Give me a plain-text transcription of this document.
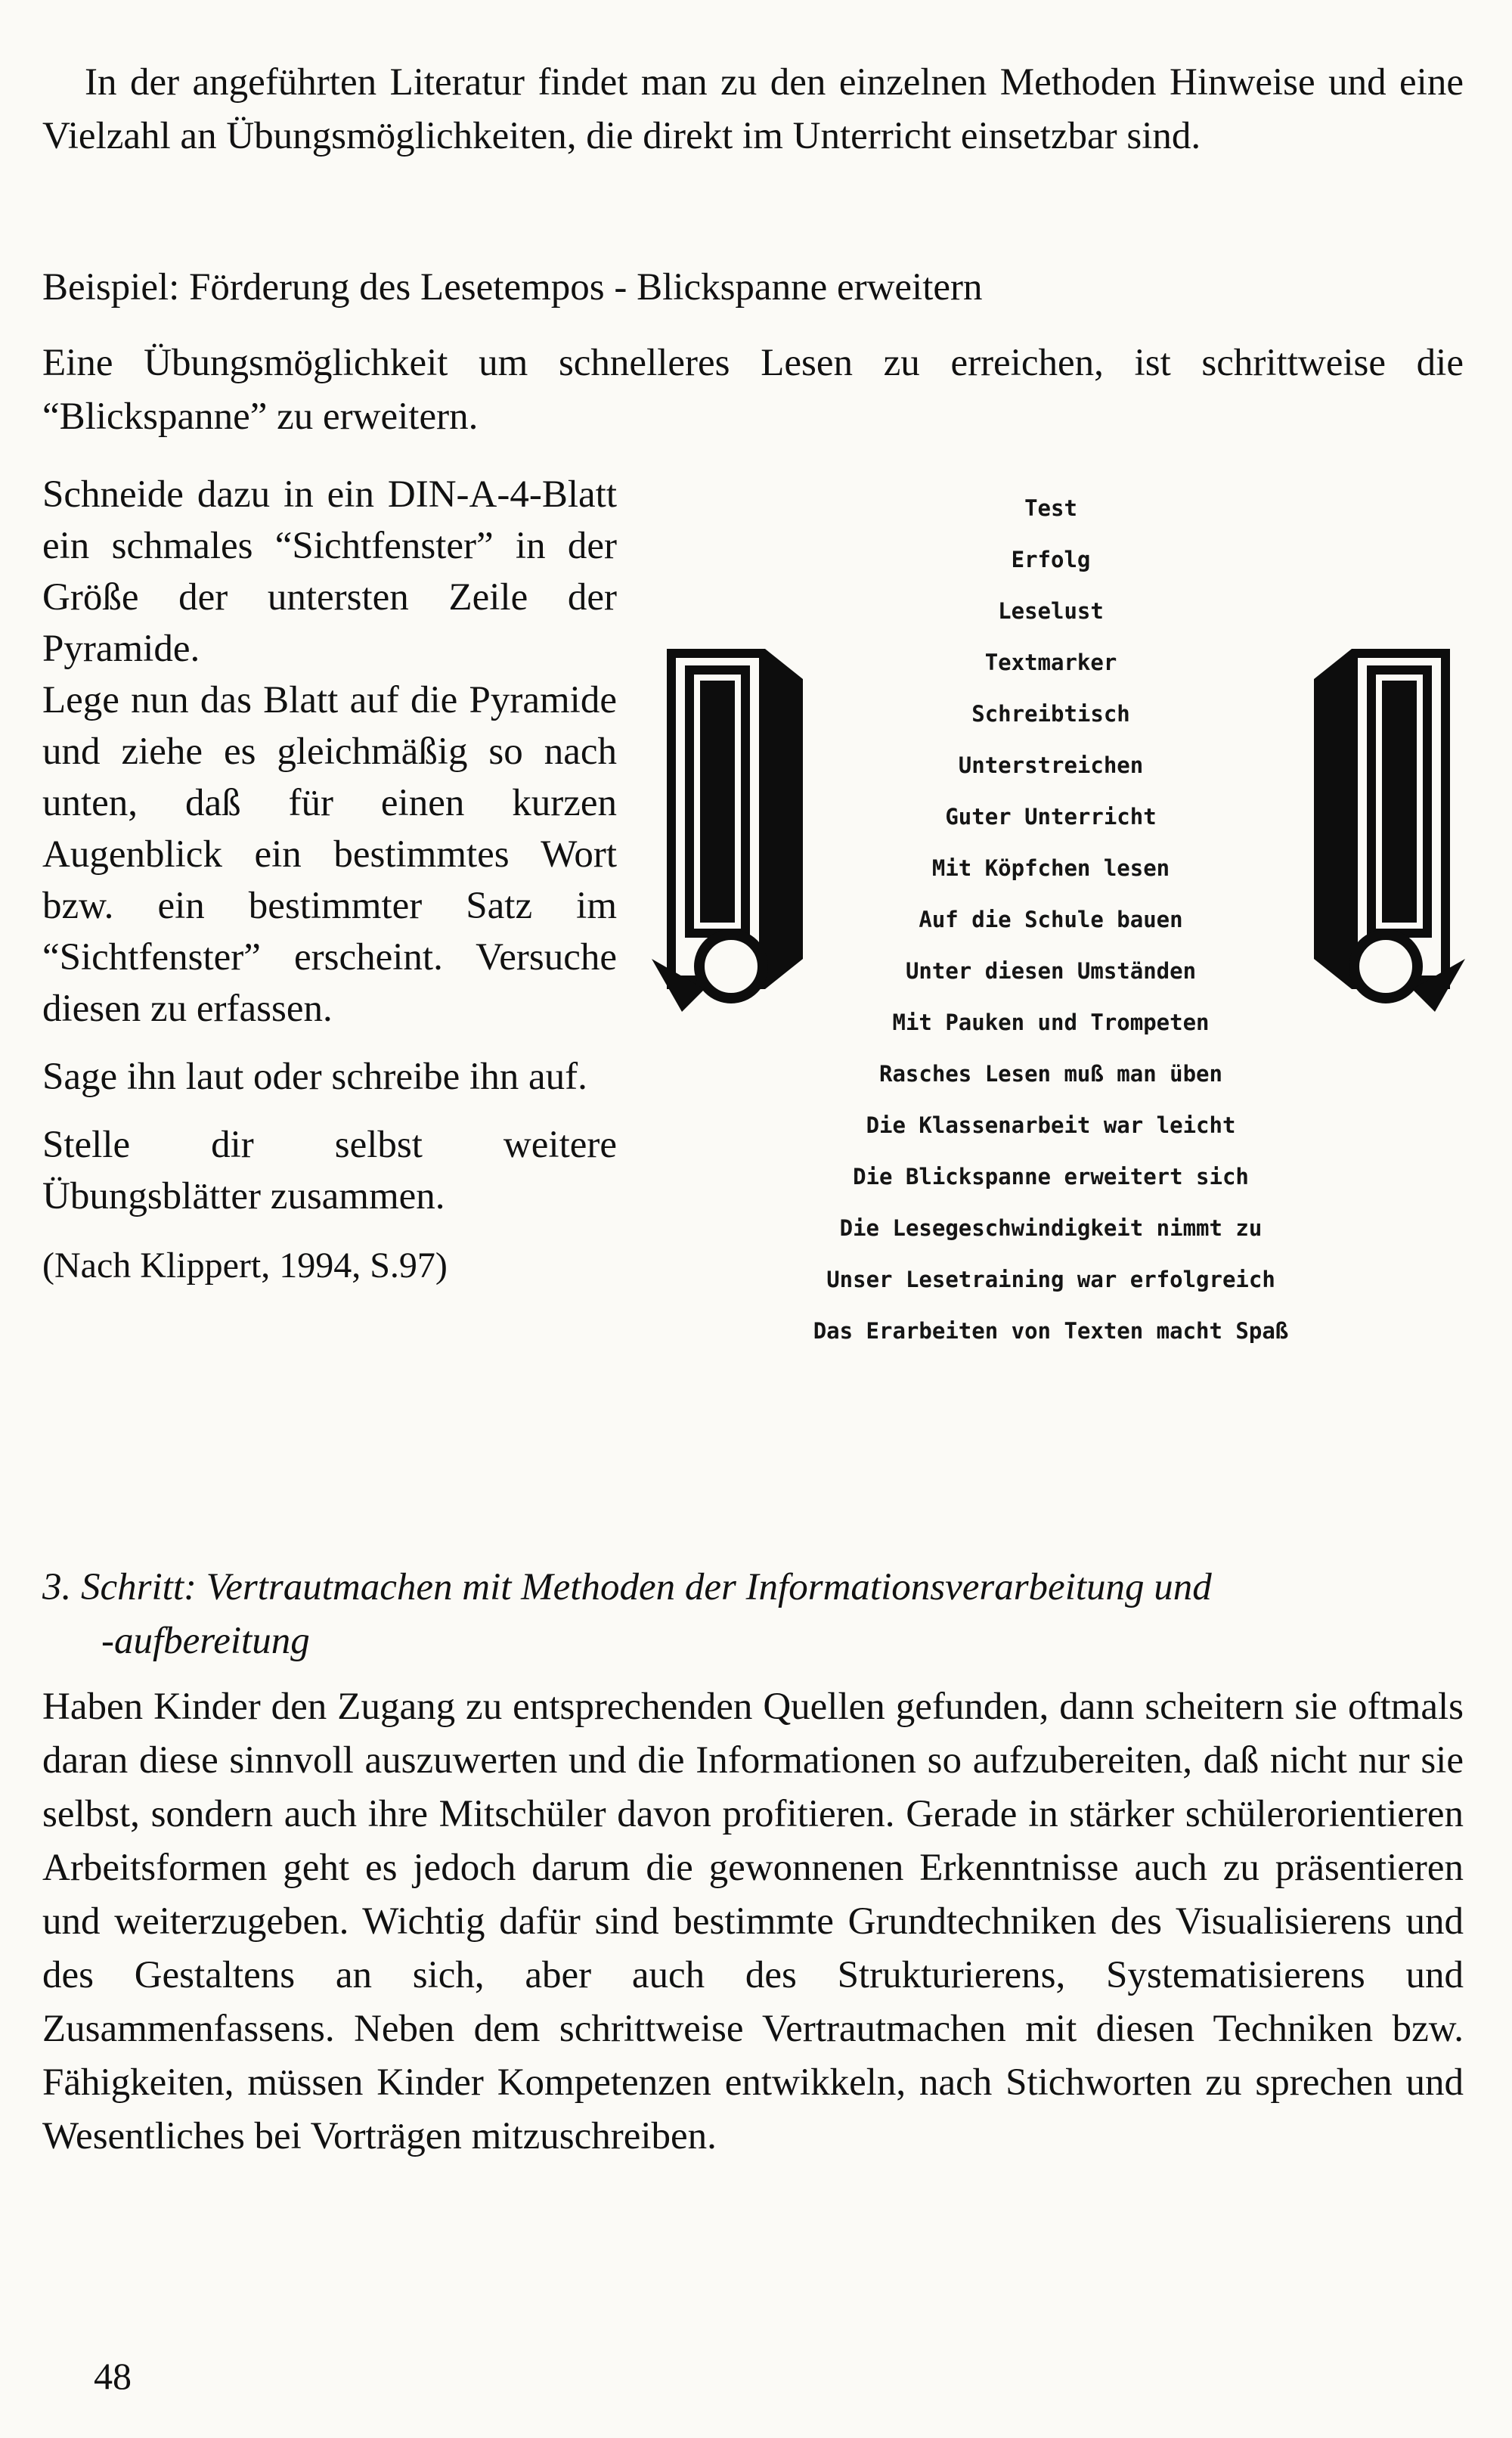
In der angeführten Literatur findet man zu den einzelnen Methoden Hinweise und eine Vielzahl an Übungsmöglichkeiten, die direkt im Unterricht einsetzbar sind.

Beispiel: Förderung des Lesetempos - Blickspanne erweitern

Eine Übungsmöglichkeit um schnelleres Lesen zu erreichen, ist schrittweise die “Blickspanne” zu erweitern.

Schneide dazu in ein DIN-A-4-Blatt ein schmales “Sichtfenster” in der Größe der untersten Zeile der Pyramide.

Lege nun das Blatt auf die Pyramide und ziehe es gleichmäßig so nach unten, daß für einen kurzen Augenblick ein bestimmtes Wort bzw. ein bestimmter Satz im “Sichtfenster” erscheint. Versuche diesen zu erfassen.

Sage ihn laut oder schreibe ihn auf.

Stelle dir selbst weitere Übungsblätter zusammen.

(Nach Klippert, 1994, S.97)

Test
Erfolg
Leselust
Textmarker
Schreibtisch
Unterstreichen
Guter Unterricht
Mit Köpfchen lesen
Auf die Schule bauen
Unter diesen Umständen
Mit Pauken und Trompeten
Rasches Lesen muß man üben
Die Klassenarbeit war leicht
Die Blickspanne erweitert sich
Die Lesegeschwindigkeit nimmt zu
Unser Lesetraining war erfolgreich
Das Erarbeiten von Texten macht Spaß
3. Schritt: Vertrautmachen mit Methoden der Informationsverarbeitung und
-aufbereitung

Haben Kinder den Zugang zu entsprechenden Quellen gefunden, dann scheitern sie oftmals daran diese sinnvoll auszuwerten und die Informationen so aufzubereiten, daß nicht nur sie selbst, sondern auch ihre Mitschüler davon profitieren. Gerade in stärker schülerorientieren Arbeitsformen geht es jedoch darum die gewonnenen Erkenntnisse auch zu präsentieren und weiterzugeben. Wichtig dafür sind bestimmte Grundtechniken des Visualisierens und des Gestaltens an sich, aber auch des Strukturierens, Systematisierens und Zusammenfassens. Neben dem schrittweise Vertrautmachen mit diesen Techniken bzw. Fähigkeiten, müssen Kinder Kompetenzen entwikkeln, nach Stichworten zu sprechen und Wesentliches bei Vorträgen mitzuschreiben.

48
